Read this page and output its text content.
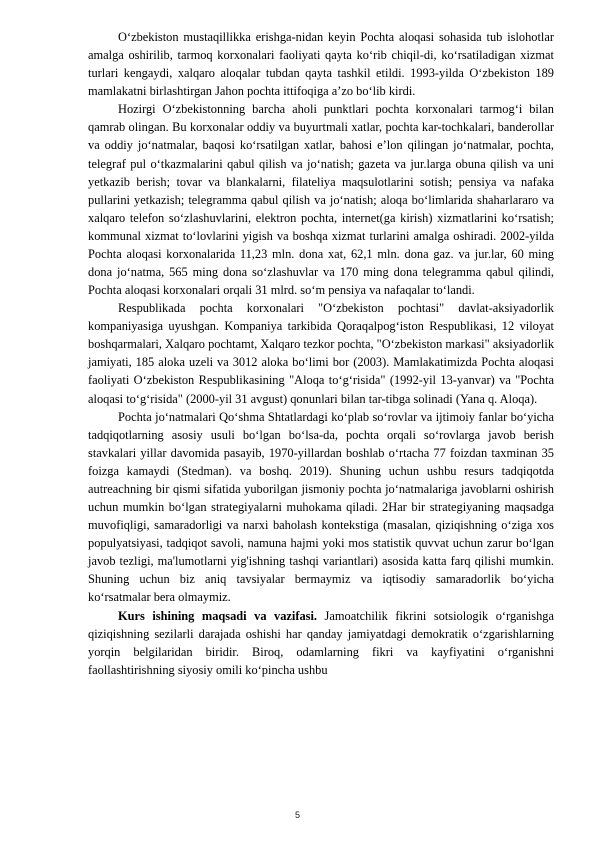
O‘zbekiston mustaqillikka erishga-nidan keyin Pochta aloqasi sohasida tub islohotlar amalga oshirilib, tarmoq korxonalari faoliyati qayta ko‘rib chiqil-di, ko‘rsatiladigan xizmat turlari kengaydi, xalqaro aloqalar tubdan qayta tashkil etildi. 1993-yilda O‘zbekiston 189 mamlakatni birlashtirgan Jahon pochta ittifoqiga a’zo bo‘lib kirdi.

Hozirgi O‘zbekistonning barcha aholi punktlari pochta korxonalari tarmog‘i bilan qamrab olingan. Bu korxonalar oddiy va buyurtmali xatlar, pochta kar-tochkalari, banderollar va oddiy jo‘natmalar, baqosi ko‘rsatilgan xatlar, bahosi e’lon qilingan jo‘natmalar, pochta, telegraf pul o‘tkazmalarini qabul qilish va jo‘natish; gazeta va jur.larga obuna qilish va uni yetkazib berish; tovar va blankalarni, filateliya maqsulotlarini sotish; pensiya va nafaka pullarini yetkazish; telegramma qabul qilish va jo‘natish; aloqa bo‘limlarida shaharlararo va xalqaro telefon so‘zlashuvlarini, elektron pochta, internet(ga kirish) xizmatlarini ko‘rsatish; kommunal xizmat to‘lovlarini yigish va boshqa xizmat turlarini amalga oshiradi. 2002-yilda Pochta aloqasi korxonalarida 11,23 mln. dona xat, 62,1 mln. dona gaz. va jur.lar, 60 ming dona jo‘natma, 565 ming dona so‘zlashuvlar va 170 ming dona telegramma qabul qilindi, Pochta aloqasi korxonalari orqali 31 mlrd. so‘m pensiya va nafaqalar to‘landi.

Respublikada pochta korxonalari "O‘zbekiston pochtasi" davlat-aksiyadorlik kompaniyasiga uyushgan. Kompaniya tarkibida Qoraqalpog‘iston Respublikasi, 12 viloyat boshqarmalari, Xalqaro pochtamt, Xalqaro tezkor pochta, "O‘zbekiston markasi" aksiyadorlik jamiyati, 185 aloka uzeli va 3012 aloka bo‘limi bor (2003). Mamlakatimizda Pochta aloqasi faoliyati O‘zbekiston Respublikasining "Aloqa to‘g‘risida" (1992-yil 13-yanvar) va "Pochta aloqasi to‘g‘risida" (2000-yil 31 avgust) qonunlari bilan tar-tibga solinadi (Yana q. Aloqa).

Pochta jo‘natmalari Qo‘shma Shtatlardagi ko‘plab so‘rovlar va ijtimoiy fanlar bo‘yicha tadqiqotlarning asosiy usuli bo‘lgan bo‘lsa-da, pochta orqali so‘rovlarga javob berish stavkalari yillar davomida pasayib, 1970-yillardan boshlab o‘rtacha 77 foizdan taxminan 35 foizga kamaydi (Stedman). va boshq. 2019). Shuning uchun ushbu resurs tadqiqotda autreachning bir qismi sifatida yuborilgan jismoniy pochta jo‘natmalariga javoblarni oshirish uchun mumkin bo‘lgan strategiyalarni muhokama qiladi. 2Har bir strategiyaning maqsadga muvofiqligi, samaradorligi va narxi baholash kontekstiga (masalan, qiziqishning o‘ziga xos populyatsiyasi, tadqiqot savoli, namuna hajmi yoki mos statistik quvvat uchun zarur bo‘lgan javob tezligi, ma'lumotlarni yig'ishning tashqi variantlari) asosida katta farq qilishi mumkin. Shuning uchun biz aniq tavsiyalar bermaymiz va iqtisodiy samaradorlik bo‘yicha ko‘rsatmalar bera olmaymiz.

Kurs ishining maqsadi va vazifasi. Jamoatchilik fikrini sotsiologik o‘rganishga qiziqishning sezilarli darajada oshishi har qanday jamiyatdagi demokratik o‘zgarishlarning yorqin belgilaridan biridir. Biroq, odamlarning fikri va kayfiyatini o‘rganishni faollashtirishning siyosiy omili ko‘pincha ushbu

5
